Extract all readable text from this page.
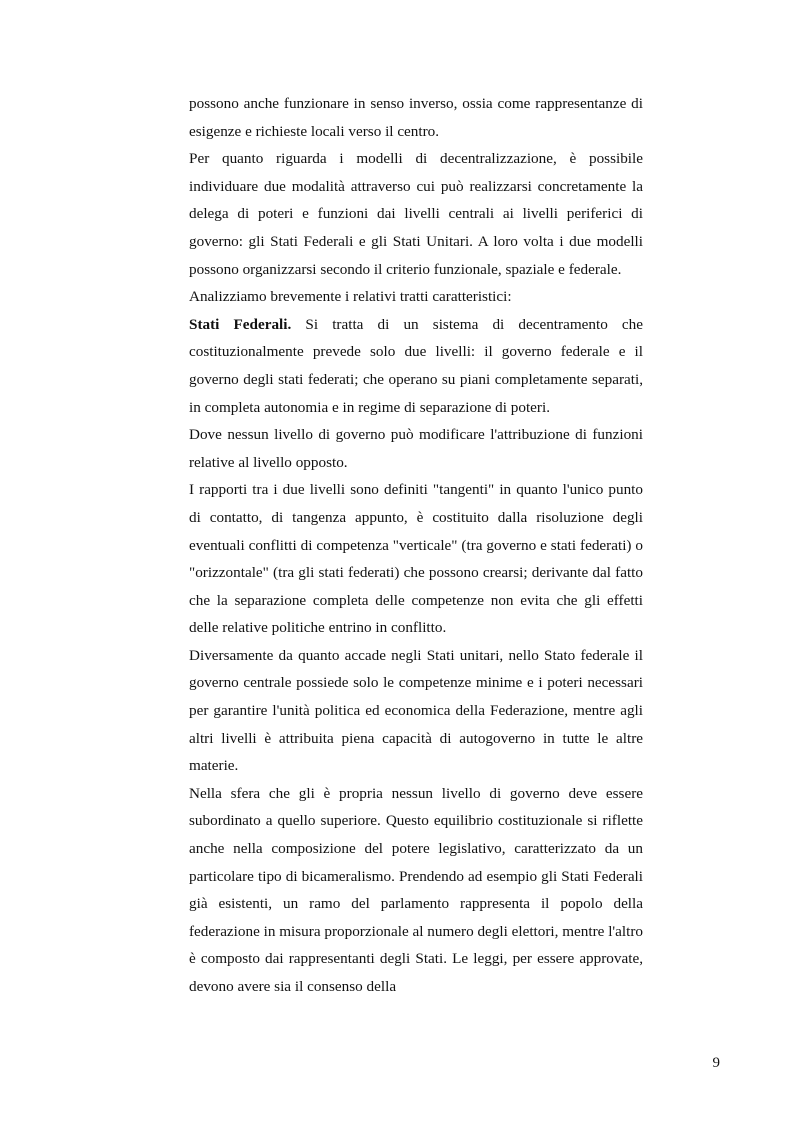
possono anche funzionare in senso inverso, ossia come rappresentanze di esigenze e richieste locali verso il centro.

Per quanto riguarda i modelli di decentralizzazione, è possibile individuare due modalità attraverso cui può realizzarsi concretamente la delega di poteri e funzioni dai livelli centrali ai livelli periferici di governo: gli Stati Federali e gli Stati Unitari. A loro volta i due modelli possono organizzarsi secondo il criterio funzionale, spaziale e federale.

Analizziamo brevemente i relativi tratti caratteristici:

Stati Federali. Si tratta di un sistema di decentramento che costituzionalmente prevede solo due livelli: il governo federale e il governo degli stati federati; che operano su piani completamente separati, in completa autonomia e in regime di separazione di poteri.

Dove nessun livello di governo può modificare l'attribuzione di funzioni relative al livello opposto.

I rapporti tra i due livelli sono definiti "tangenti" in quanto l'unico punto di contatto, di tangenza appunto, è costituito dalla risoluzione degli eventuali conflitti di competenza "verticale" (tra governo e stati federati) o "orizzontale" (tra gli stati federati) che possono crearsi; derivante dal fatto che la separazione completa delle competenze non evita che gli effetti delle relative politiche entrino in conflitto.

Diversamente da quanto accade negli Stati unitari, nello Stato federale il governo centrale possiede solo le competenze minime e i poteri necessari per garantire l'unità politica ed economica della Federazione, mentre agli altri livelli è attribuita piena capacità di autogoverno in tutte le altre materie.

Nella sfera che gli è propria nessun livello di governo deve essere subordinato a quello superiore. Questo equilibrio costituzionale si riflette anche nella composizione del potere legislativo, caratterizzato da un particolare tipo di bicameralismo. Prendendo ad esempio gli Stati Federali già esistenti, un ramo del parlamento rappresenta il popolo della federazione in misura proporzionale al numero degli elettori, mentre l'altro è composto dai rappresentanti degli Stati. Le leggi, per essere approvate, devono avere sia il consenso della

9
